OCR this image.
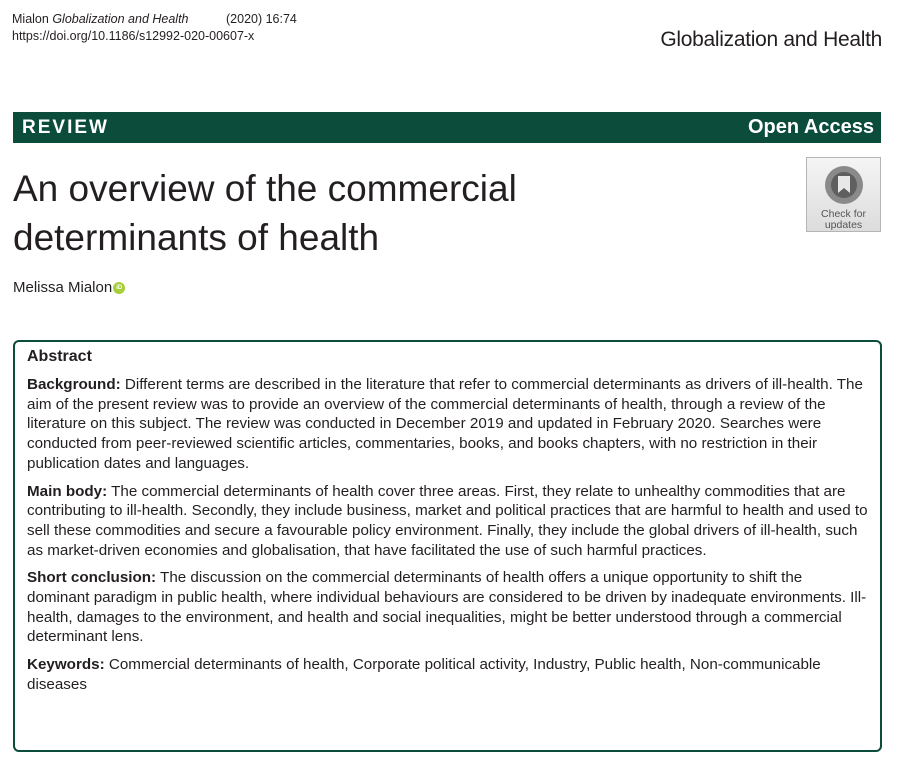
Mialon Globalization and Health	(2020) 16:74
https://doi.org/10.1186/s12992-020-00607-x	Globalization and Health
REVIEW	Open Access
An overview of the commercial determinants of health
Melissa Mialon iD
Check for
updates
Abstract

Background: Different terms are described in the literature that refer to commercial determinants as drivers of ill-health. The aim of the present review was to provide an overview of the commercial determinants of health, through a review of the literature on this subject. The review was conducted in December 2019 and updated in February 2020. Searches were conducted from peer-reviewed scientific articles, commentaries, books, and books chapters, with no restriction in their publication dates and languages.

Main body: The commercial determinants of health cover three areas. First, they relate to unhealthy commodities that are contributing to ill-health. Secondly, they include business, market and political practices that are harmful to health and used to sell these commodities and secure a favourable policy environment. Finally, they include the global drivers of ill-health, such as market-driven economies and globalisation, that have facilitated the use of such harmful practices.

Short conclusion: The discussion on the commercial determinants of health offers a unique opportunity to shift the dominant paradigm in public health, where individual behaviours are considered to be driven by inadequate environments. Ill-health, damages to the environment, and health and social inequalities, might be better understood through a commercial determinant lens.

Keywords: Commercial determinants of health, Corporate political activity, Industry, Public health, Non-communicable diseases
